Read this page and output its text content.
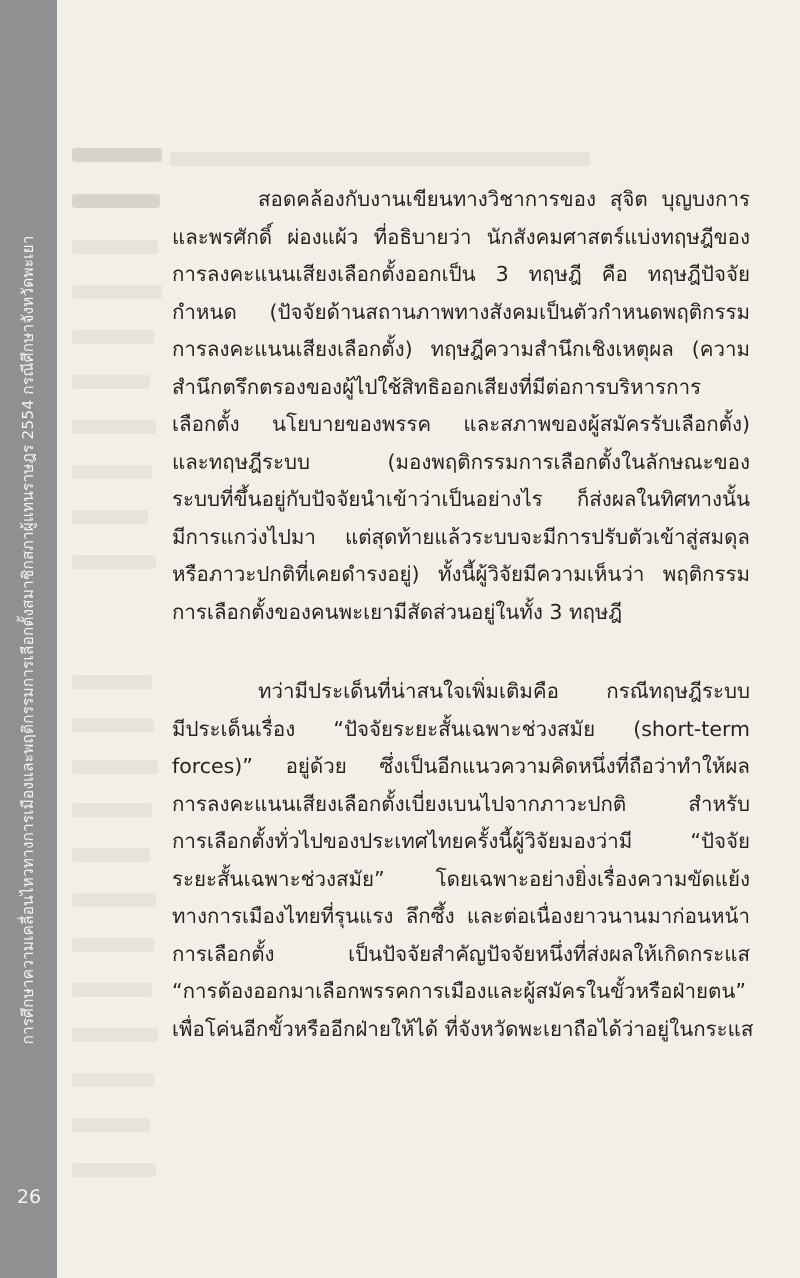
การศึกษาความเคลื่อนไหวทางการเมืองและพฤติกรรมการเลือกตั้งสมาชิกสภาผู้แทนราษฎร 2554 กรณีศึกษาจังหวัดพะเยา
26
สอดคล้องกับงานเขียนทางวิชาการของ สุจิต บุญบงการ
และพรศักดิ์ ผ่องแผ้ว ที่อธิบายว่า นักสังคมศาสตร์แบ่งทฤษฎีของ
การลงคะแนนเสียงเลือกตั้งออกเป็น 3 ทฤษฎี คือ ทฤษฎีปัจจัย
กำหนด (ปัจจัยด้านสถานภาพทางสังคมเป็นตัวกำหนดพฤติกรรม
การลงคะแนนเสียงเลือกตั้ง) ทฤษฎีความสำนึกเชิงเหตุผล (ความ
สำนึกตรึกตรองของผู้ไปใช้สิทธิออกเสียงที่มีต่อการบริหารการ
เลือกตั้ง นโยบายของพรรค และสภาพของผู้สมัครรับเลือกตั้ง)
และทฤษฎีระบบ (มองพฤติกรรมการเลือกตั้งในลักษณะของ
ระบบที่ขึ้นอยู่กับปัจจัยนำเข้าว่าเป็นอย่างไร ก็ส่งผลในทิศทางนั้น
มีการแกว่งไปมา แต่สุดท้ายแล้วระบบจะมีการปรับตัวเข้าสู่สมดุล
หรือภาวะปกติที่เคยดำรงอยู่) ทั้งนี้ผู้วิจัยมีความเห็นว่า พฤติกรรม
การเลือกตั้งของคนพะเยามีสัดส่วนอยู่ในทั้ง 3 ทฤษฎี
ทว่ามีประเด็นที่น่าสนใจเพิ่มเติมคือ กรณีทฤษฎีระบบ
มีประเด็นเรื่อง “ปัจจัยระยะสั้นเฉพาะช่วงสมัย (short-term
forces)” อยู่ด้วย ซึ่งเป็นอีกแนวความคิดหนึ่งที่ถือว่าทำให้ผล
การลงคะแนนเสียงเลือกตั้งเบี่ยงเบนไปจากภาวะปกติ สำหรับ
การเลือกตั้งทั่วไปของประเทศไทยครั้งนี้ผู้วิจัยมองว่ามี “ปัจจัย
ระยะสั้นเฉพาะช่วงสมัย” โดยเฉพาะอย่างยิ่งเรื่องความขัดแย้ง
ทางการเมืองไทยที่รุนแรง ลึกซึ้ง และต่อเนื่องยาวนานมาก่อนหน้า
การเลือกตั้ง เป็นปัจจัยสำคัญปัจจัยหนึ่งที่ส่งผลให้เกิดกระแส
“การต้องออกมาเลือกพรรคการเมืองและผู้สมัครในขั้วหรือฝ่ายตน”
เพื่อโค่นอีกขั้วหรืออีกฝ่ายให้ได้ ที่จังหวัดพะเยาถือได้ว่าอยู่ในกระแส
